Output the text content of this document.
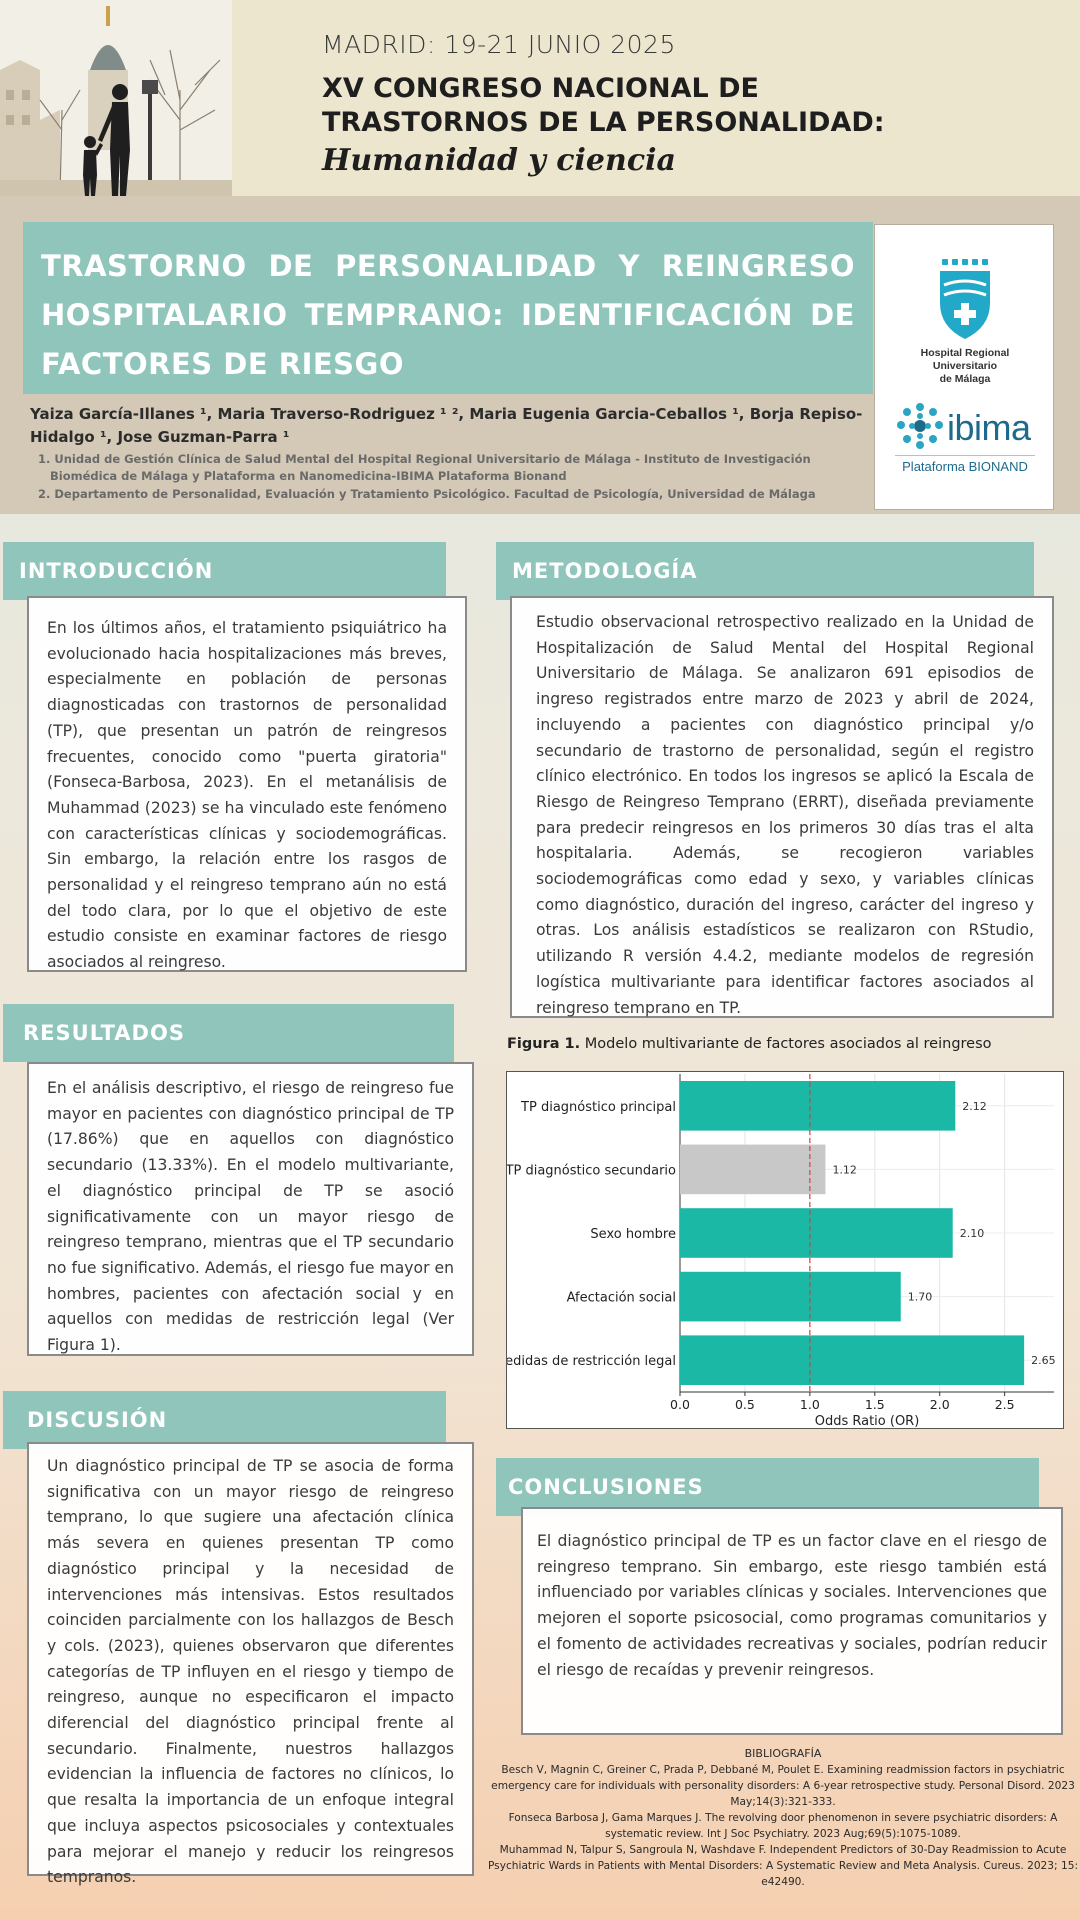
MADRID: 19-21 JUNIO 2025
XV CONGRESO NACIONAL DE
TRASTORNOS DE LA PERSONALIDAD:
Humanidad y ciencia
TRASTORNO DE PERSONALIDAD Y REINGRESO HOSPITALARIO TEMPRANO: IDENTIFICACIÓN DE FACTORES DE RIESGO	Hospital Regional
Universitario
de Málaga
ibima
Plataforma BIONAND
Yaiza García-Illanes ¹, Maria Traverso-Rodriguez ¹ ², Maria Eugenia Garcia-Ceballos ¹, Borja Repiso-Hidalgo ¹, Jose Guzman-Parra ¹
1. Unidad de Gestión Clínica de Salud Mental del Hospital Regional Universitario de Málaga - Instituto de Investigación Biomédica de Málaga y Plataforma en Nanomedicina-IBIMA Plataforma Bionand
2. Departamento de Personalidad, Evaluación y Tratamiento Psicológico. Facultad de Psicología, Universidad de Málaga
INTRODUCCIÓN
En los últimos años, el tratamiento psiquiátrico ha evolucionado hacia hospitalizaciones más breves, especialmente en población de personas diagnosticadas con trastornos de personalidad (TP), que presentan un patrón de reingresos frecuentes, conocido como "puerta giratoria" (Fonseca-Barbosa, 2023). En el metanálisis de Muhammad (2023) se ha vinculado este fenómeno con características clínicas y sociodemográficas. Sin embargo, la relación entre los rasgos de personalidad y el reingreso temprano aún no está del todo clara, por lo que el objetivo de este estudio consiste en examinar factores de riesgo asociados al reingreso.
METODOLOGÍA
Estudio observacional retrospectivo realizado en la Unidad de Hospitalización de Salud Mental del Hospital Regional Universitario de Málaga. Se analizaron 691 episodios de ingreso registrados entre marzo de 2023 y abril de 2024, incluyendo a pacientes con diagnóstico principal y/o secundario de trastorno de personalidad, según el registro clínico electrónico. En todos los ingresos se aplicó la Escala de Riesgo de Reingreso Temprano (ERRT), diseñada previamente para predecir reingresos en los primeros 30 días tras el alta hospitalaria. Además, se recogieron variables sociodemográficas como edad y sexo, y variables clínicas como diagnóstico, duración del ingreso, carácter del ingreso y otras. Los análisis estadísticos se realizaron con RStudio, utilizando R versión 4.4.2, mediante modelos de regresión logística multivariante para identificar factores asociados al reingreso temprano en TP.
RESULTADOS
En el análisis descriptivo, el riesgo de reingreso fue mayor en pacientes con diagnóstico principal de TP (17.86%) que en aquellos con diagnóstico secundario (13.33%). En el modelo multivariante, el diagnóstico principal de TP se asoció significativamente con un mayor riesgo de reingreso temprano, mientras que el TP secundario no fue significativo. Además, el riesgo fue mayor en hombres, pacientes con afectación social y en aquellos con medidas de restricción legal (Ver Figura 1).
Figura 1. Modelo multivariante de factores asociados al reingreso
2.12
TP diagnóstico principal
1.12
TP diagnóstico secundario
2.10
Sexo hombre
1.70
Afectación social
2.65
Medidas de restricción legal
0.0	0.5	1.0	1.5	2.0	2.5
Odds Ratio (OR)
DISCUSIÓN
Un diagnóstico principal de TP se asocia de forma significativa con un mayor riesgo de reingreso temprano, lo que sugiere una afectación clínica más severa en quienes presentan TP como diagnóstico principal y la necesidad de intervenciones más intensivas. Estos resultados coinciden parcialmente con los hallazgos de Besch y cols. (2023), quienes observaron que diferentes categorías de TP influyen en el riesgo y tiempo de reingreso, aunque no especificaron el impacto diferencial del diagnóstico principal frente al secundario. Finalmente, nuestros hallazgos evidencian la influencia de factores no clínicos, lo que resalta la importancia de un enfoque integral que incluya aspectos psicosociales y contextuales para mejorar el manejo y reducir los reingresos tempranos.
CONCLUSIONES
El diagnóstico principal de TP es un factor clave en el riesgo de reingreso temprano. Sin embargo, este riesgo también está influenciado por variables clínicas y sociales. Intervenciones que mejoren el soporte psicosocial, como programas comunitarios y el fomento de actividades recreativas y sociales, podrían reducir el riesgo de recaídas y prevenir reingresos.
BIBLIOGRAFÍA
Besch V, Magnin C, Greiner C, Prada P, Debbané M, Poulet E. Examining readmission factors in psychiatric emergency care for individuals with personality disorders: A 6-year retrospective study. Personal Disord. 2023 May;14(3):321-333.
Fonseca Barbosa J, Gama Marques J. The revolving door phenomenon in severe psychiatric disorders: A systematic review. Int J Soc Psychiatry. 2023 Aug;69(5):1075-1089.
Muhammad N, Talpur S, Sangroula N, Washdave F. Independent Predictors of 30-Day Readmission to Acute Psychiatric Wards in Patients with Mental Disorders: A Systematic Review and Meta Analysis. Cureus. 2023; 15: e42490.
